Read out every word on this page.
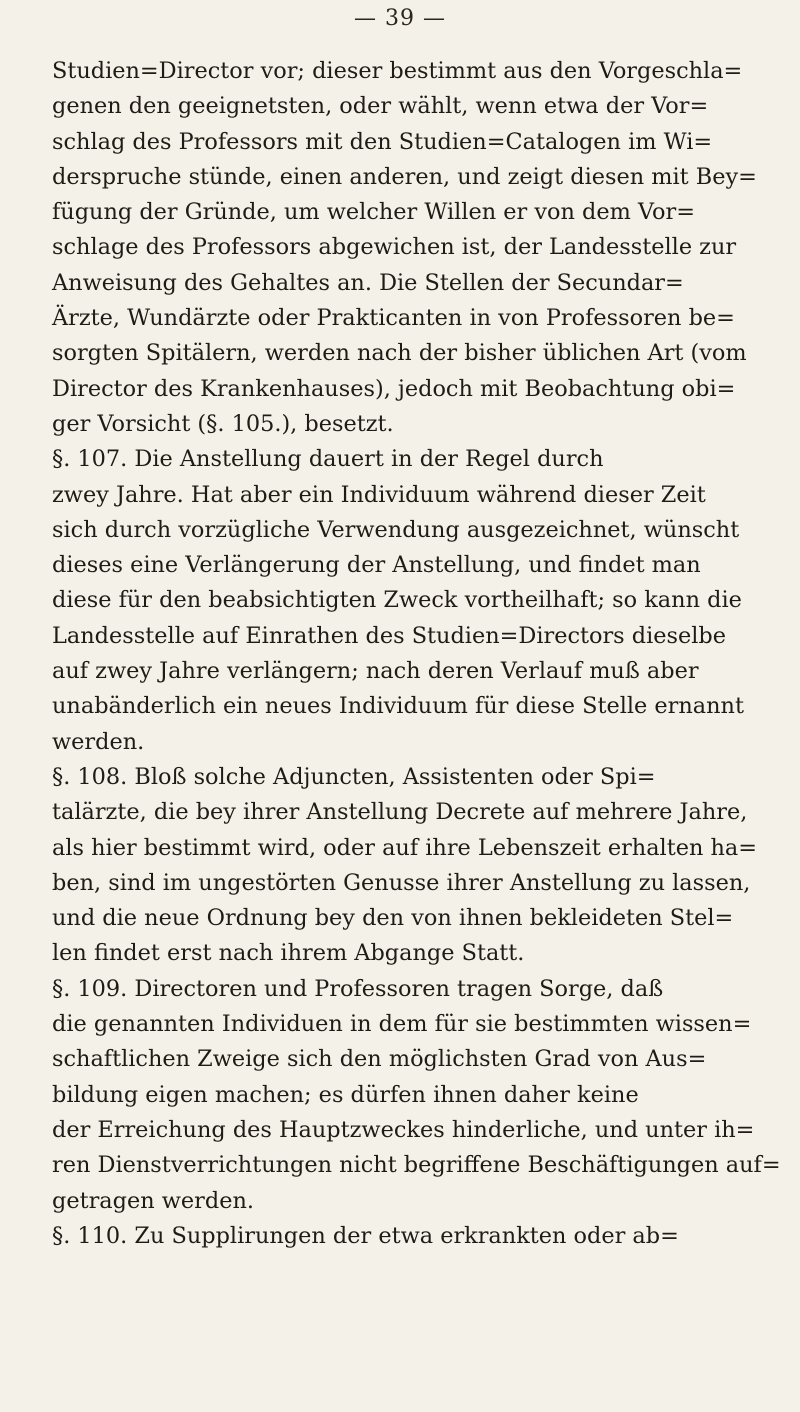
— 39 —
Studien=Director vor; dieser bestimmt aus den Vorgeschla=
genen den geeignetsten, oder wählt, wenn etwa der Vor=
schlag des Professors mit den Studien=Catalogen im Wi=
derspruche stünde, einen anderen, und zeigt diesen mit Bey=
fügung der Gründe, um welcher Willen er von dem Vor=
schlage des Professors abgewichen ist, der Landesstelle zur
Anweisung des Gehaltes an. Die Stellen der Secundar=
Ärzte, Wundärzte oder Prakticanten in von Professoren be=
sorgten Spitälern, werden nach der bisher üblichen Art (vom
Director des Krankenhauses), jedoch mit Beobachtung obi=
ger Vorsicht (§. 105.), besetzt.
§. 107. Die Anstellung dauert in der Regel durch
zwey Jahre. Hat aber ein Individuum während dieser Zeit
sich durch vorzügliche Verwendung ausgezeichnet, wünscht
dieses eine Verlängerung der Anstellung, und findet man
diese für den beabsichtigten Zweck vortheilhaft; so kann die
Landesstelle auf Einrathen des Studien=Directors dieselbe
auf zwey Jahre verlängern; nach deren Verlauf muß aber
unabänderlich ein neues Individuum für diese Stelle ernannt
werden.
§. 108. Bloß solche Adjuncten, Assistenten oder Spi=
talärzte, die bey ihrer Anstellung Decrete auf mehrere Jahre,
als hier bestimmt wird, oder auf ihre Lebenszeit erhalten ha=
ben, sind im ungestörten Genusse ihrer Anstellung zu lassen,
und die neue Ordnung bey den von ihnen bekleideten Stel=
len findet erst nach ihrem Abgange Statt.
§. 109. Directoren und Professoren tragen Sorge, daß
die genannten Individuen in dem für sie bestimmten wissen=
schaftlichen Zweige sich den möglichsten Grad von Aus=
bildung eigen machen; es dürfen ihnen daher keine
der Erreichung des Hauptzweckes hinderliche, und unter ih=
ren Dienstverrichtungen nicht begriffene Beschäftigungen auf=
getragen werden.
§. 110. Zu Supplirungen der etwa erkrankten oder ab=
